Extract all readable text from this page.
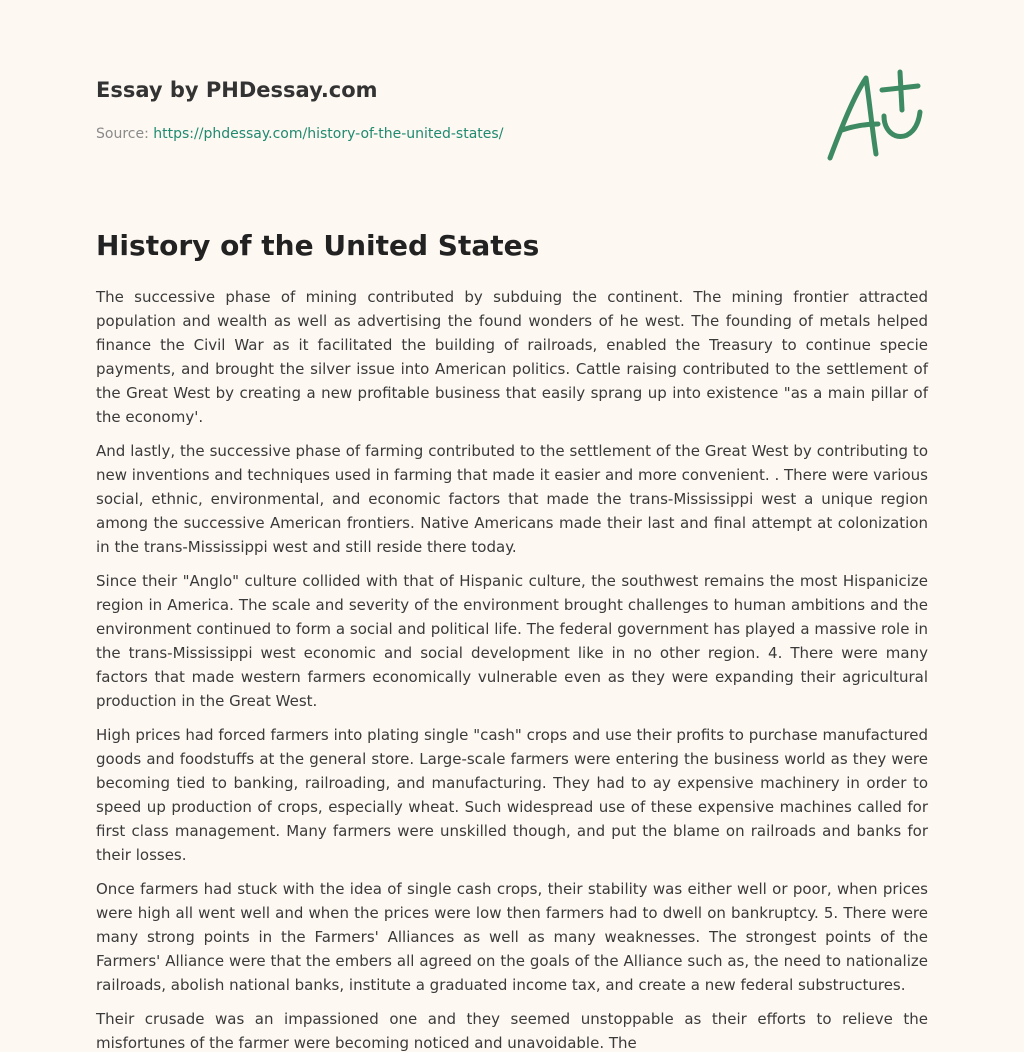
Essay by PHDessay.com
Source: https://phdessay.com/history-of-the-united-states/
History of the United States

The successive phase of mining contributed by subduing the continent. The mining frontier attracted population and wealth as well as advertising the found wonders of he west. The founding of metals helped finance the Civil War as it facilitated the building of railroads, enabled the Treasury to continue specie payments, and brought the silver issue into American politics. Cattle raising contributed to the settlement of the Great West by creating a new profitable business that easily sprang up into existence "as a main pillar of the economy'.

And lastly, the successive phase of farming contributed to the settlement of the Great West by contributing to new inventions and techniques used in farming that made it easier and more convenient. . There were various social, ethnic, environmental, and economic factors that made the trans-Mississippi west a unique region among the successive American frontiers. Native Americans made their last and final attempt at colonization in the trans-Mississippi west and still reside there today.

Since their "Anglo" culture collided with that of Hispanic culture, the southwest remains the most Hispanicize region in America. The scale and severity of the environment brought challenges to human ambitions and the environment continued to form a social and political life. The federal government has played a massive role in the trans-Mississippi west economic and social development like in no other region. 4. There were many factors that made western farmers economically vulnerable even as they were expanding their agricultural production in the Great West.

High prices had forced farmers into plating single "cash" crops and use their profits to purchase manufactured goods and foodstuffs at the general store. Large-scale farmers were entering the business world as they were becoming tied to banking, railroading, and manufacturing. They had to ay expensive machinery in order to speed up production of crops, especially wheat. Such widespread use of these expensive machines called for first class management. Many farmers were unskilled though, and put the blame on railroads and banks for their losses.

Once farmers had stuck with the idea of single cash crops, their stability was either well or poor, when prices were high all went well and when the prices were low then farmers had to dwell on bankruptcy. 5. There were many strong points in the Farmers' Alliances as well as many weaknesses. The strongest points of the Farmers' Alliance were that the embers all agreed on the goals of the Alliance such as, the need to nationalize railroads, abolish national banks, institute a graduated income tax, and create a new federal substructures.

Their crusade was an impassioned one and they seemed unstoppable as their efforts to relieve the misfortunes of the farmer were becoming noticed and unavoidable. The
